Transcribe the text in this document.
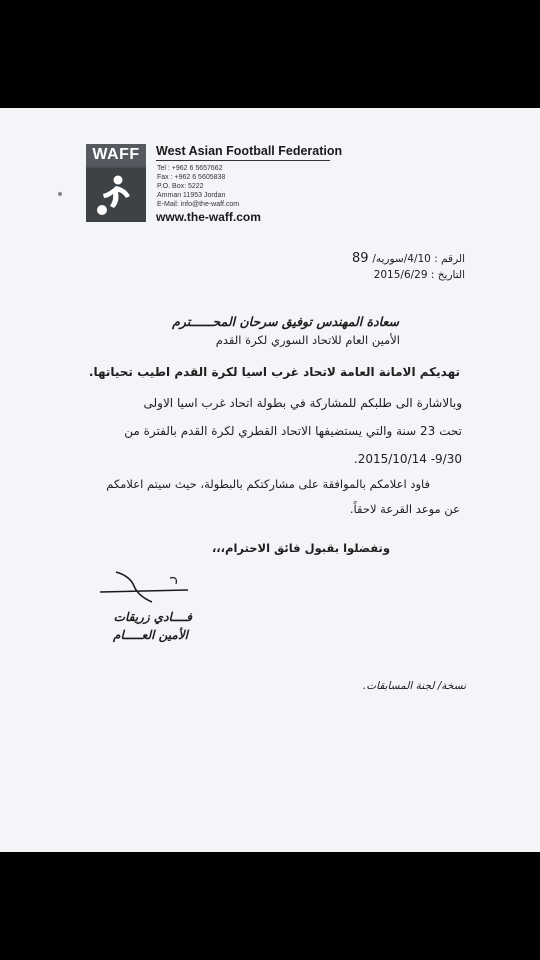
WAFF	West Asian Football Federation
Tel : +962 6 5657662
Fax : +962 6 5605838
P.O. Box: 5222
Amman 11953 Jordan
E-Mail: info@the-waff.com
www.the-waff.com
89 الرقم : 4/10/سوريه/
التاريخ : 2015/6/29
سعادة المهندس توفيق سرحان المحــــــترم
الأمين العام للاتحاد السوري لكرة القدم
تهديكم الامانة العامة لاتحاد غرب اسيا لكرة القدم اطيب تحياتها.
وبالاشارة الى طلبكم للمشاركة في بطولة اتحاد غرب اسيا الاولى
تحت 23 سنة والتي يستضيفها الاتحاد القطري لكرة القدم بالفترة من
9/30- 2015/10/14.
فاود اعلامكم بالموافقة على مشاركتكم بالبطولة، حيث سيتم اعلامكم
عن موعد القرعة لاحقاً.
وتفضلوا بقبول فائق الاحترام،،،
فــــادي زريقات
الأمين العـــــام
نسخة/ لجنة المسابقات.
